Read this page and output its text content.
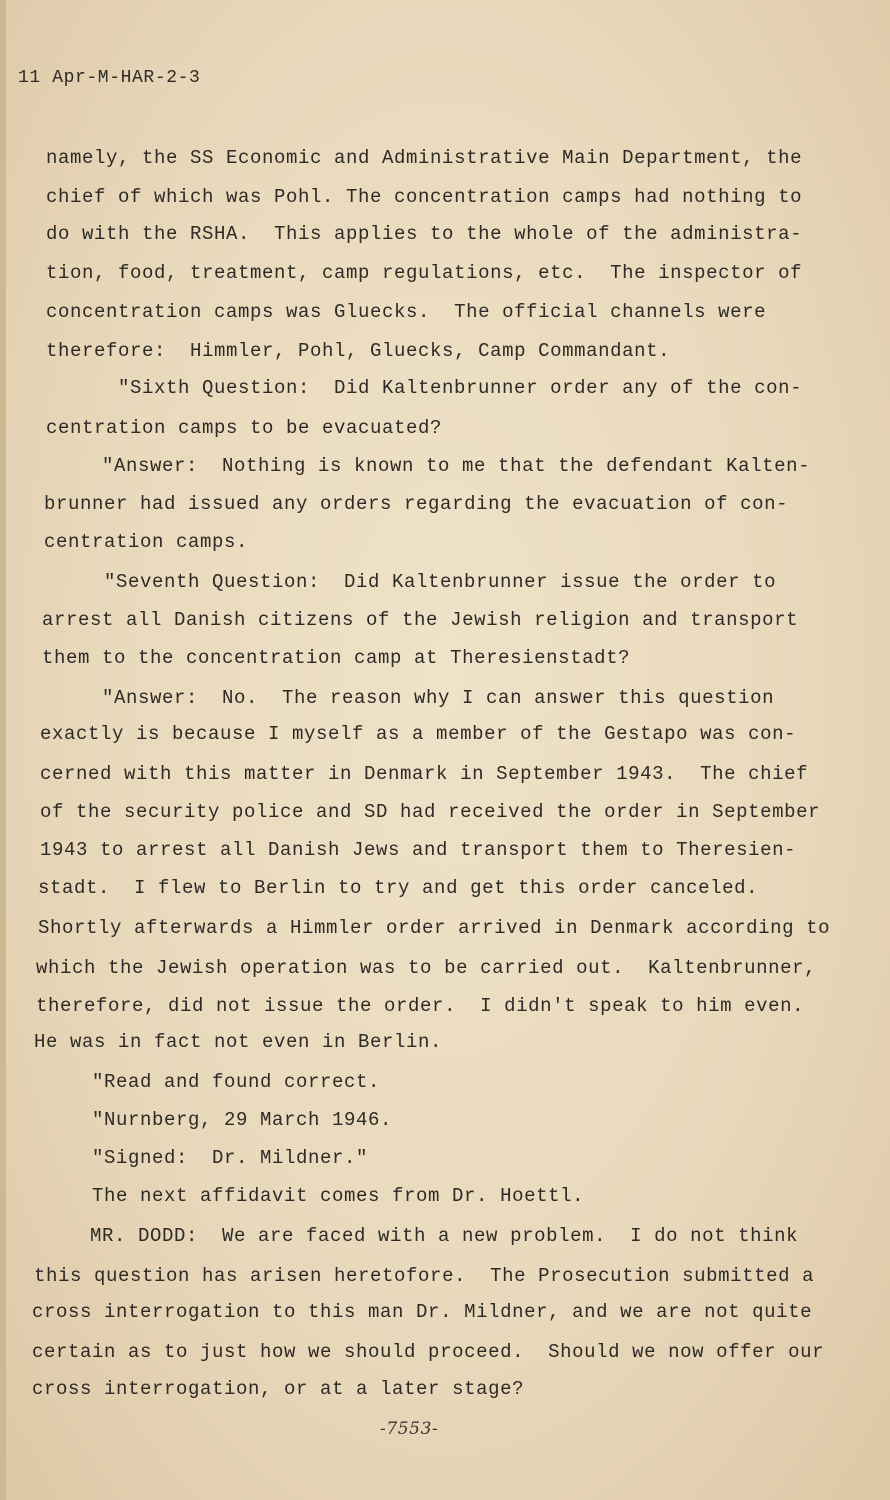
11 Apr-M-HAR-2-3
namely, the SS Economic and Administrative Main Department, the
chief of which was Pohl. The concentration camps had nothing to
do with the RSHA.  This applies to the whole of the administra-
tion, food, treatment, camp regulations, etc.  The inspector of
concentration camps was Gluecks.  The official channels were
therefore:  Himmler, Pohl, Gluecks, Camp Commandant.
"Sixth Question:  Did Kaltenbrunner order any of the con-
centration camps to be evacuated?
"Answer:  Nothing is known to me that the defendant Kalten-
brunner had issued any orders regarding the evacuation of con-
centration camps.
"Seventh Question:  Did Kaltenbrunner issue the order to
arrest all Danish citizens of the Jewish religion and transport
them to the concentration camp at Theresienstadt?
"Answer:  No.  The reason why I can answer this question
exactly is because I myself as a member of the Gestapo was con-
cerned with this matter in Denmark in September 1943.  The chief
of the security police and SD had received the order in September
1943 to arrest all Danish Jews and transport them to Theresien-
stadt.  I flew to Berlin to try and get this order canceled.
Shortly afterwards a Himmler order arrived in Denmark according to
which the Jewish operation was to be carried out.  Kaltenbrunner,
therefore, did not issue the order.  I didn't speak to him even.
He was in fact not even in Berlin.
"Read and found correct.
"Nurnberg, 29 March 1946.
"Signed:  Dr. Mildner."
The next affidavit comes from Dr. Hoettl.
MR. DODD:  We are faced with a new problem.  I do not think
this question has arisen heretofore.  The Prosecution submitted a
cross interrogation to this man Dr. Mildner, and we are not quite
certain as to just how we should proceed.  Should we now offer our
cross interrogation, or at a later stage?
-7553-
